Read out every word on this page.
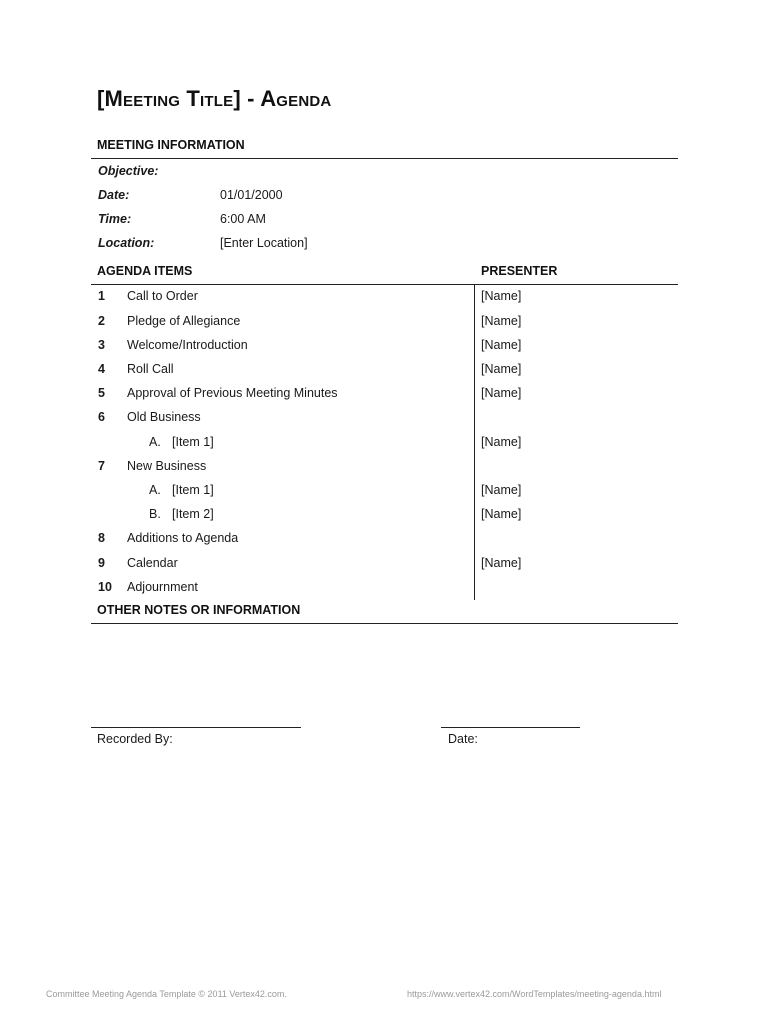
[Meeting Title] - Agenda
MEETING INFORMATION
Objective:
Date:	01/01/2000
Time:	6:00 AM
Location:	[Enter Location]
AGENDA ITEMS	PRESENTER
1 Call to Order	[Name]
2 Pledge of Allegiance	[Name]
3 Welcome/Introduction	[Name]
4 Roll Call	[Name]
5 Approval of Previous Meeting Minutes	[Name]
6 Old Business
A. [Item 1]	[Name]
7 New Business
A. [Item 1]	[Name]
B. [Item 2]	[Name]
8 Additions to Agenda
9 Calendar	[Name]
10 Adjournment
OTHER NOTES OR INFORMATION
Recorded By:	Date:
Committee Meeting Agenda Template © 2011 Vertex42.com.	https://www.vertex42.com/WordTemplates/meeting-agenda.html
